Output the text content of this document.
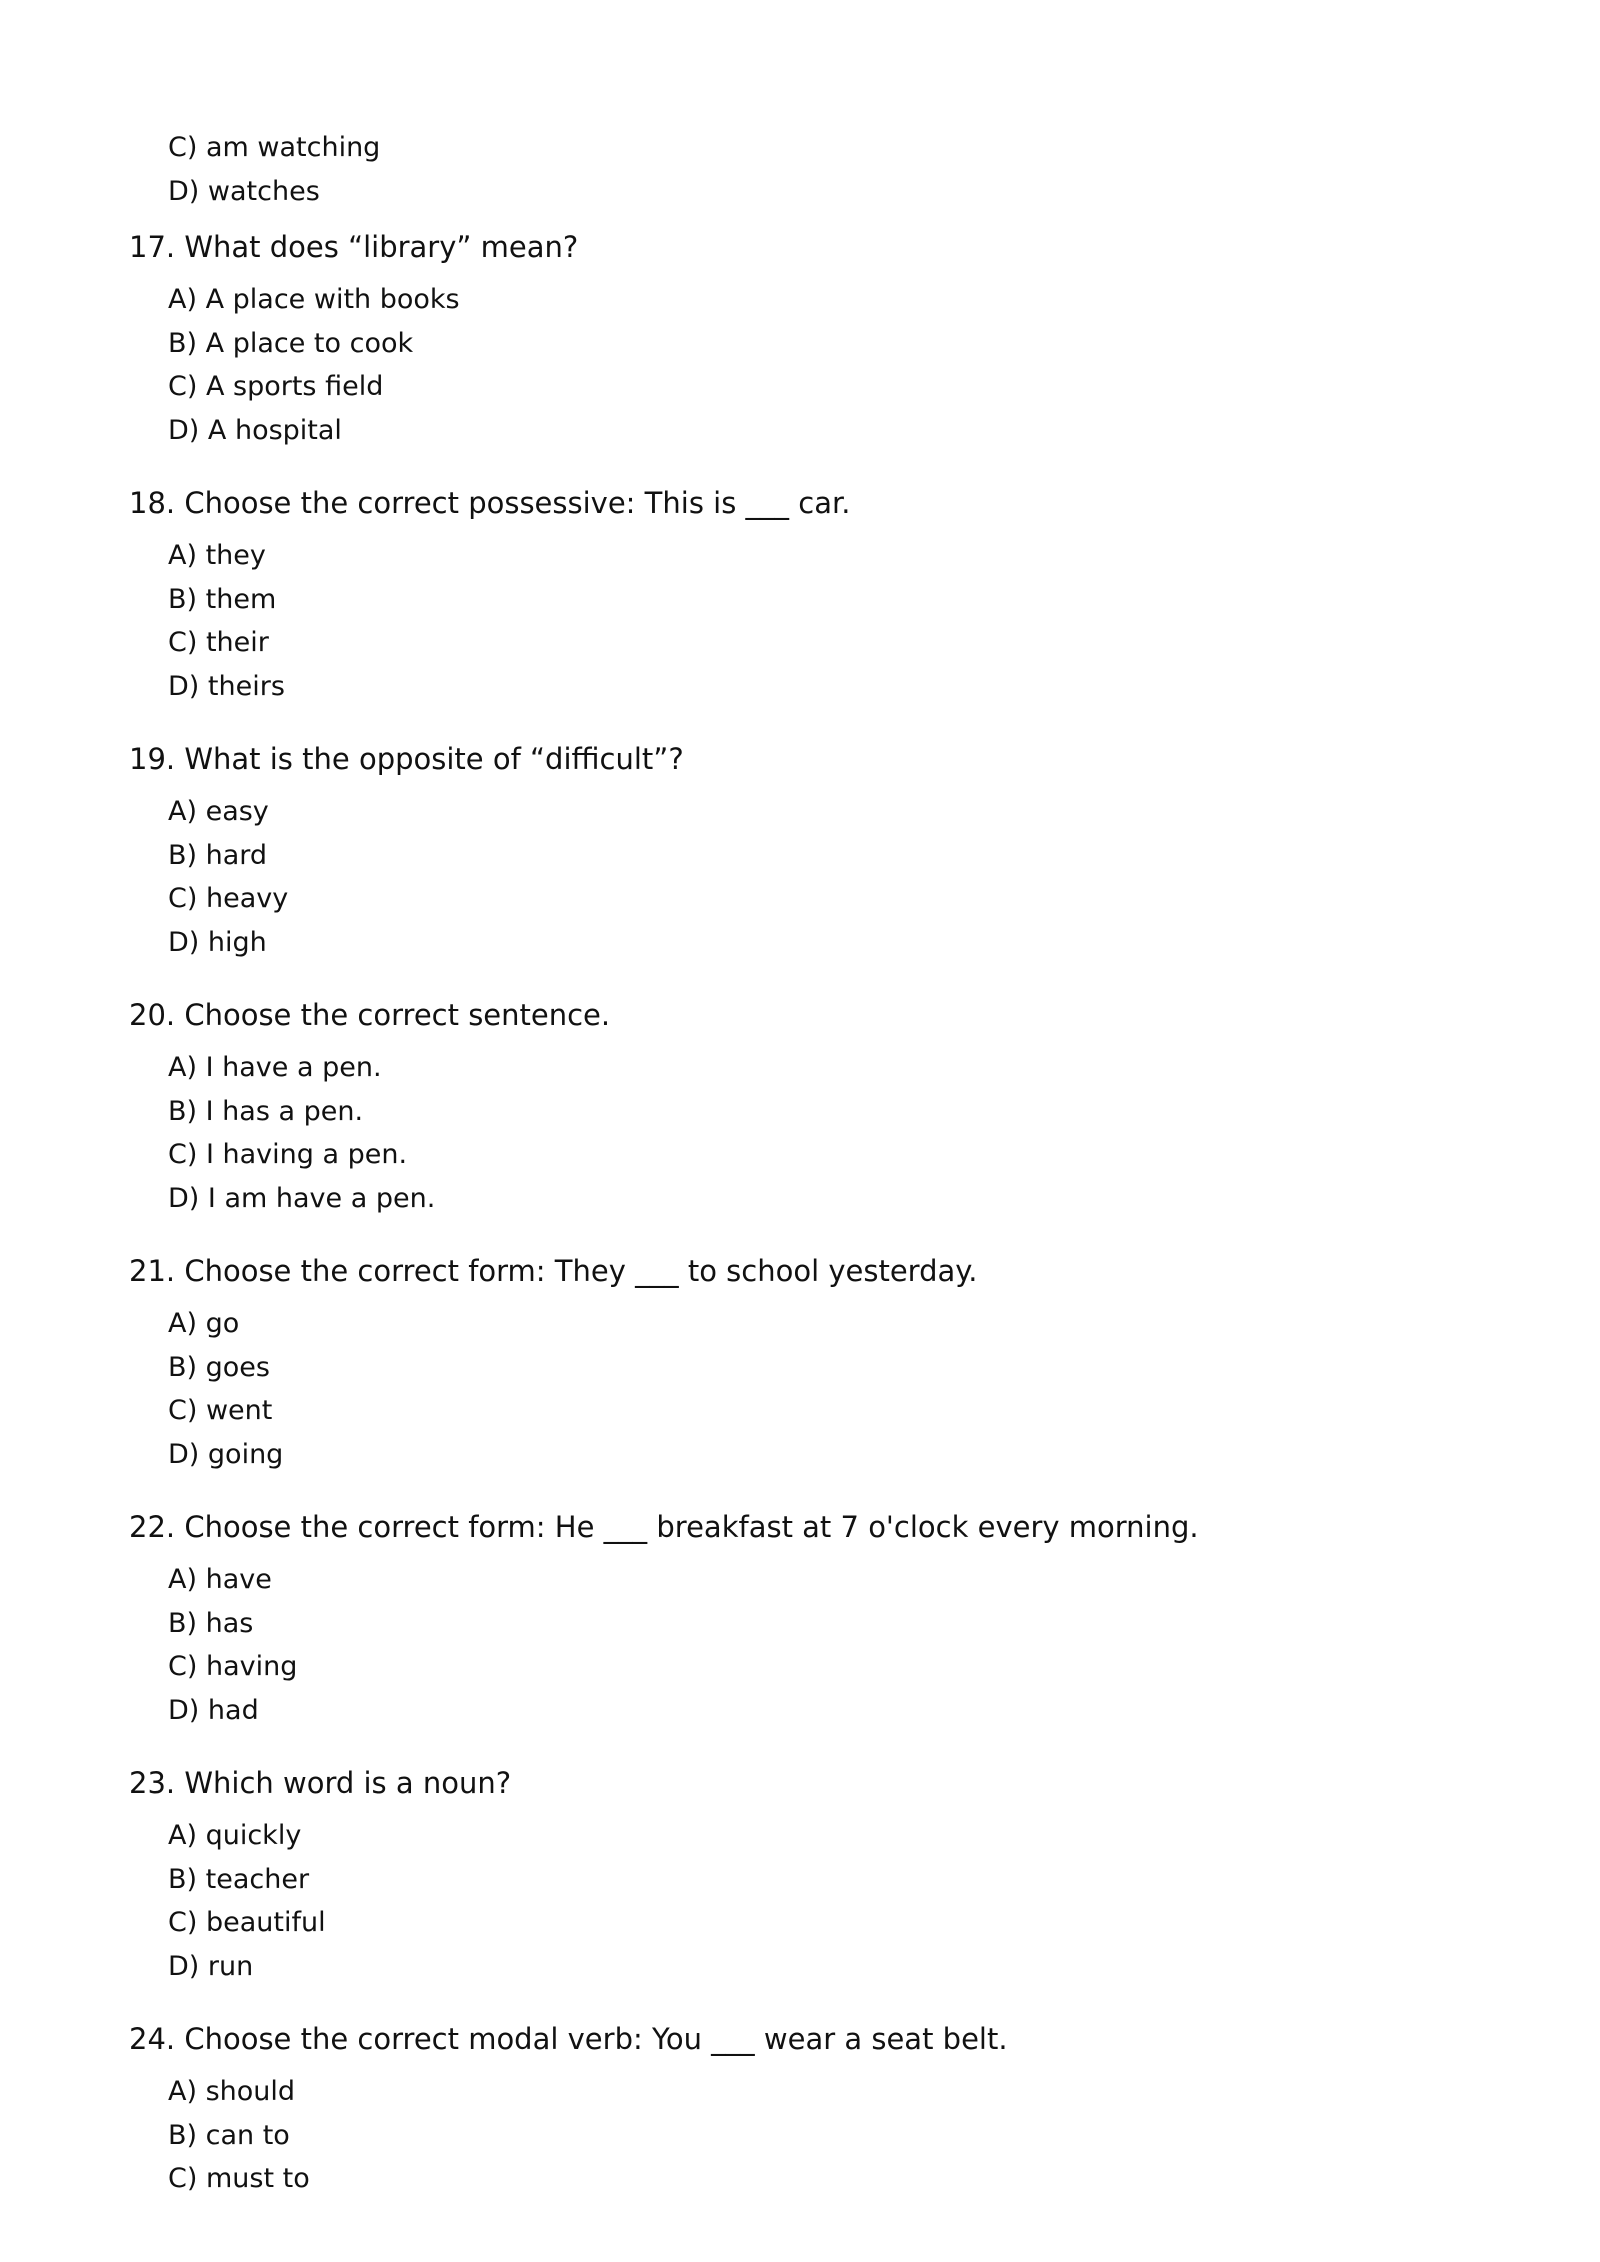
C) am watching
D) watches
17. What does “library” mean?
A) A place with books
B) A place to cook
C) A sports field
D) A hospital
18. Choose the correct possessive: This is ___ car.
A) they
B) them
C) their
D) theirs
19. What is the opposite of “difficult”?
A) easy
B) hard
C) heavy
D) high
20. Choose the correct sentence.
A) I have a pen.
B) I has a pen.
C) I having a pen.
D) I am have a pen.
21. Choose the correct form: They ___ to school yesterday.
A) go
B) goes
C) went
D) going
22. Choose the correct form: He ___ breakfast at 7 o'clock every morning.
A) have
B) has
C) having
D) had
23. Which word is a noun?
A) quickly
B) teacher
C) beautiful
D) run
24. Choose the correct modal verb: You ___ wear a seat belt.
A) should
B) can to
C) must to
